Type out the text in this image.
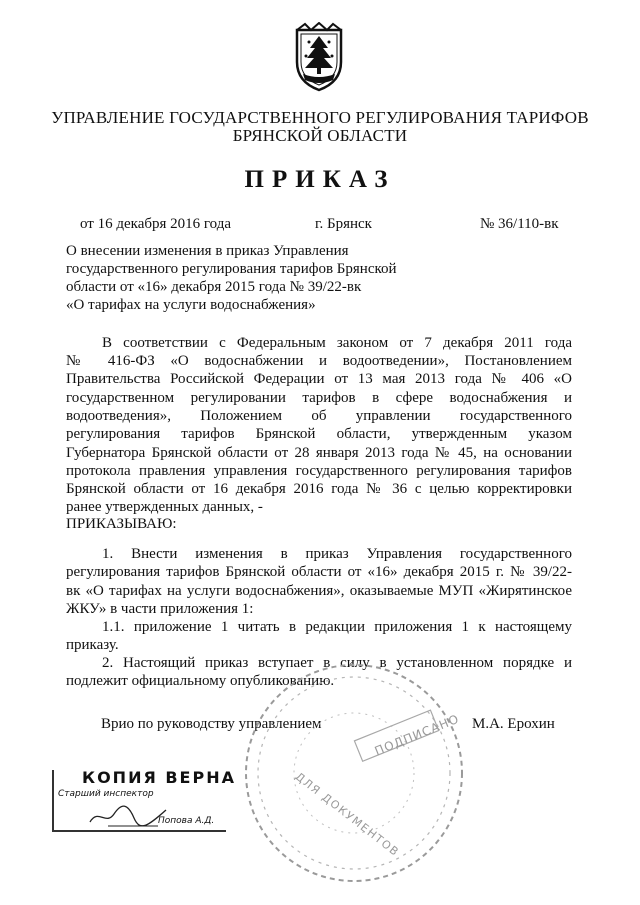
УПРАВЛЕНИЕ ГОСУДАРСТВЕННОГО РЕГУЛИРОВАНИЯ ТАРИФОВ
БРЯНСКОЙ ОБЛАСТИ
ПРИКАЗ
от 16 декабря 2016 года	г. Брянск	№ 36/110-вк
О внесении изменения в приказ Управления
государственного регулирования тарифов Брянской
области от «16» декабря 2015 года № 39/22-вк
«О тарифах на услуги водоснабжения»
В соответствии с Федеральным законом от 7 декабря 2011 года
№ 416-ФЗ «О водоснабжении и водоотведении», Постановлением
Правительства Российской Федерации от 13 мая 2013 года № 406 «О
государственном регулировании тарифов в сфере водоснабжения и
водоотведения», Положением об управлении государственного
регулирования тарифов Брянской области, утвержденным указом
Губернатора Брянской области от 28 января 2013 года № 45, на основании
протокола правления управления государственного регулирования тарифов
Брянской области от 16 декабря 2016 года № 36 с целью корректировки
ранее утвержденных данных, -
ПРИКАЗЫВАЮ:
1. Внести изменения в приказ Управления государственного
регулирования тарифов Брянской области от «16» декабря 2015 г. № 39/22-
вк «О тарифах на услуги водоснабжения», оказываемые МУП «Жирятинское
ЖКУ» в части приложения 1:
1.1. приложение 1 читать в редакции приложения 1 к настоящему
приказу.
2. Настоящий приказ вступает в силу в установленном порядке и
подлежит официальному опубликованию.
Врио по руководству управлением	М.А. Ерохин
ПОДПИСАНО
ДЛЯ ДОКУМЕНТОВ
КОПИЯ ВЕРНА
Старший инспектор
Попова А.Д.
